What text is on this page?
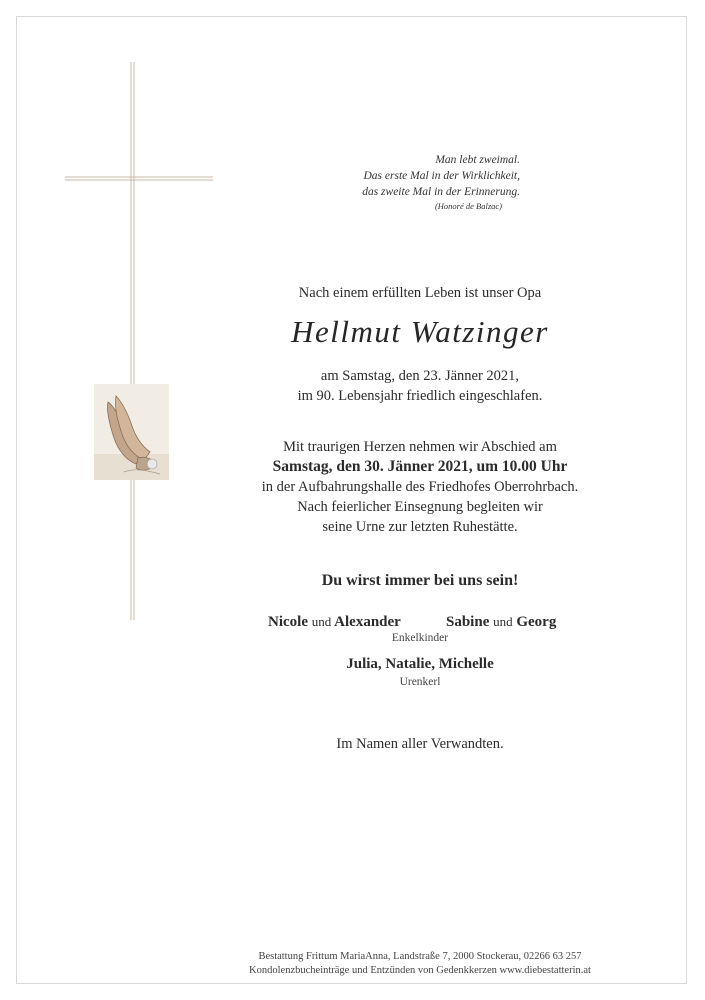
Man lebt zweimal.
Das erste Mal in der Wirklichkeit,
das zweite Mal in der Erinnerung.
(Honoré de Balzac)
Nach einem erfüllten Leben ist unser Opa
Hellmut Watzinger
am Samstag, den 23. Jänner 2021,
im 90. Lebensjahr friedlich eingeschlafen.
Mit traurigen Herzen nehmen wir Abschied am
Samstag, den 30. Jänner 2021, um 10.00 Uhr
in der Aufbahrungshalle des Friedhofes Oberrohrbach.
Nach feierlicher Einsegnung begleiten wir
seine Urne zur letzten Ruhestätte.
Du wirst immer bei uns sein!
Nicole und Alexander	Sabine und Georg
Enkelkinder
Julia, Natalie, Michelle
Urenkerl
Im Namen aller Verwandten.
Bestattung Frittum MariaAnna, Landstraße 7, 2000 Stockerau, 02266 63 257
Kondolenzbucheinträge und Entzünden von Gedenkkerzen www.diebestatterin.at
